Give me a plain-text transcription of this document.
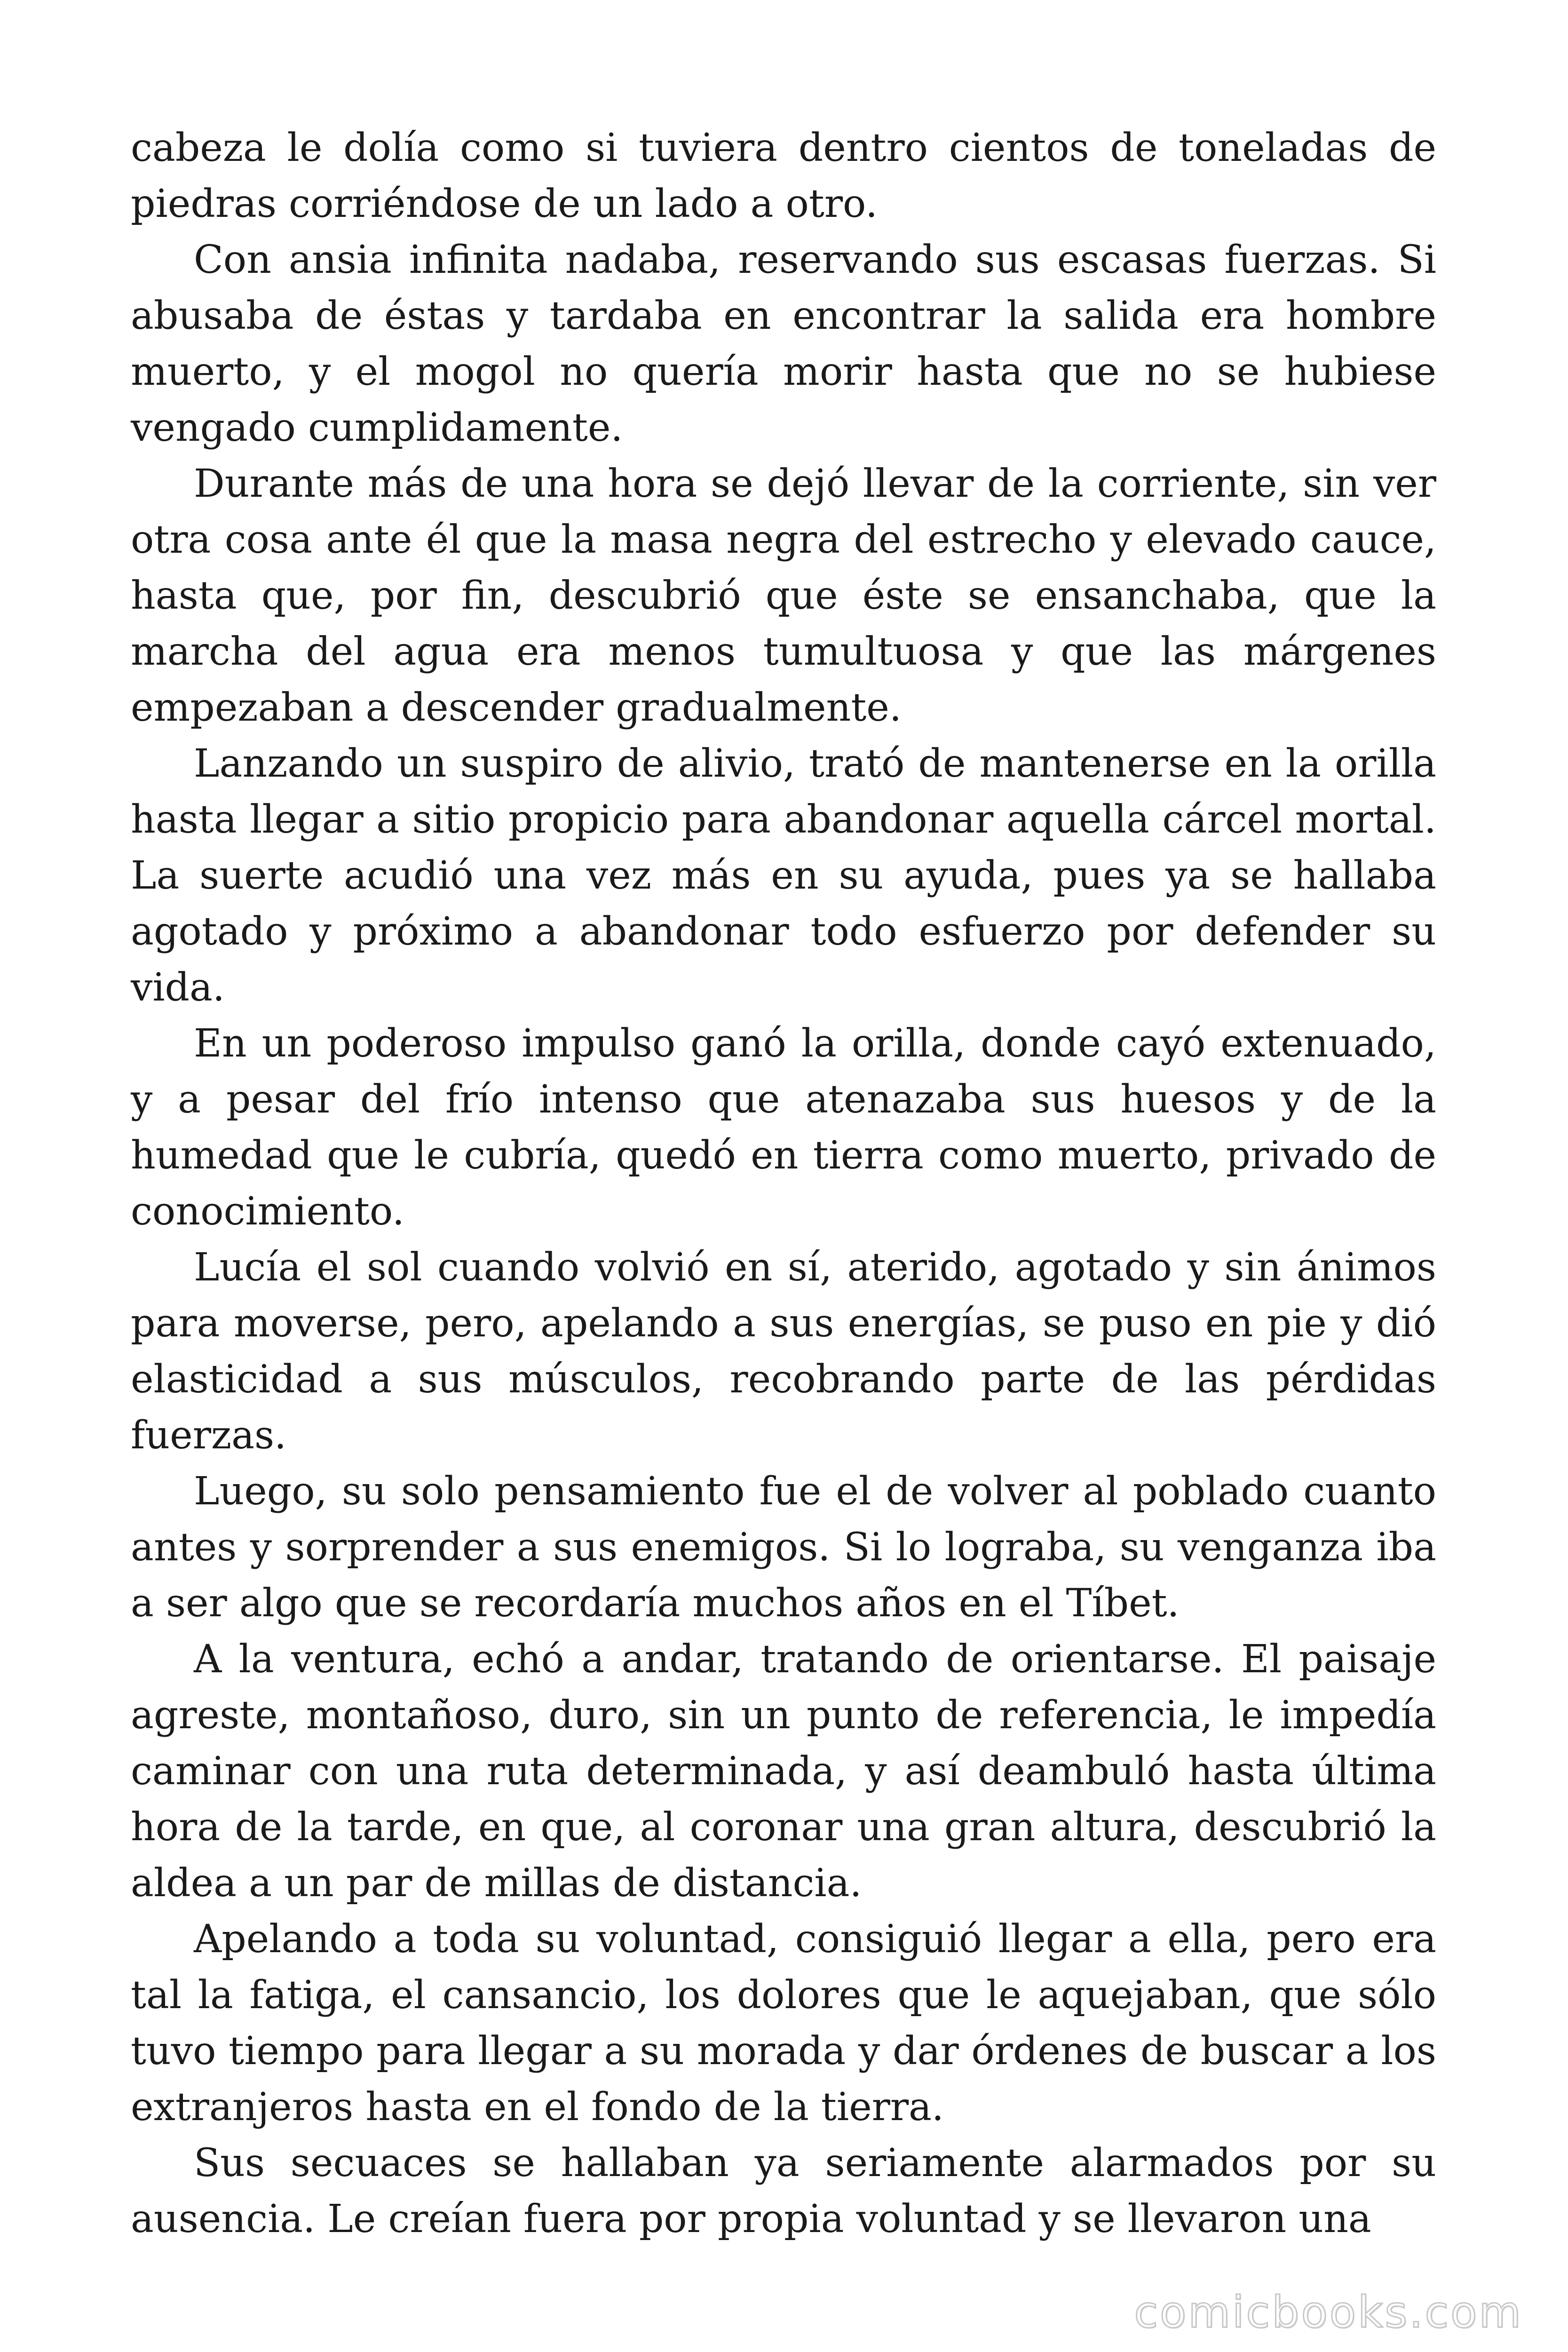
cabeza le dolía como si tuviera dentro cientos de toneladas de piedras corriéndose de un lado a otro.

Con ansia infinita nadaba, reservando sus escasas fuerzas. Si abusaba de éstas y tardaba en encontrar la salida era hombre muerto, y el mogol no quería morir hasta que no se hubiese vengado cumplidamente.

Durante más de una hora se dejó llevar de la corriente, sin ver otra cosa ante él que la masa negra del estrecho y elevado cauce, hasta que, por fin, descubrió que éste se ensanchaba, que la marcha del agua era menos tumultuosa y que las márgenes empezaban a descender gradualmente.

Lanzando un suspiro de alivio, trató de mantenerse en la orilla hasta llegar a sitio propicio para abandonar aquella cárcel mortal. La suerte acudió una vez más en su ayuda, pues ya se hallaba agotado y próximo a abandonar todo esfuerzo por defender su vida.

En un poderoso impulso ganó la orilla, donde cayó extenuado, y a pesar del frío intenso que atenazaba sus huesos y de la humedad que le cubría, quedó en tierra como muerto, privado de conocimiento.

Lucía el sol cuando volvió en sí, aterido, agotado y sin ánimos para moverse, pero, apelando a sus energías, se puso en pie y dió elasticidad a sus músculos, recobrando parte de las pérdidas fuerzas.

Luego, su solo pensamiento fue el de volver al poblado cuanto antes y sorprender a sus enemigos. Si lo lograba, su venganza iba a ser algo que se recordaría muchos años en el Tíbet.

A la ventura, echó a andar, tratando de orientarse. El paisaje agreste, montañoso, duro, sin un punto de referencia, le impedía caminar con una ruta determinada, y así deambuló hasta última hora de la tarde, en que, al coronar una gran altura, descubrió la aldea a un par de millas de distancia.

Apelando a toda su voluntad, consiguió llegar a ella, pero era tal la fatiga, el cansancio, los dolores que le aquejaban, que sólo tuvo tiempo para llegar a su morada y dar órdenes de buscar a los extranjeros hasta en el fondo de la tierra.

Sus secuaces se hallaban ya seriamente alarmados por su ausencia. Le creían fuera por propia voluntad y se llevaron una

comicbooks.com
